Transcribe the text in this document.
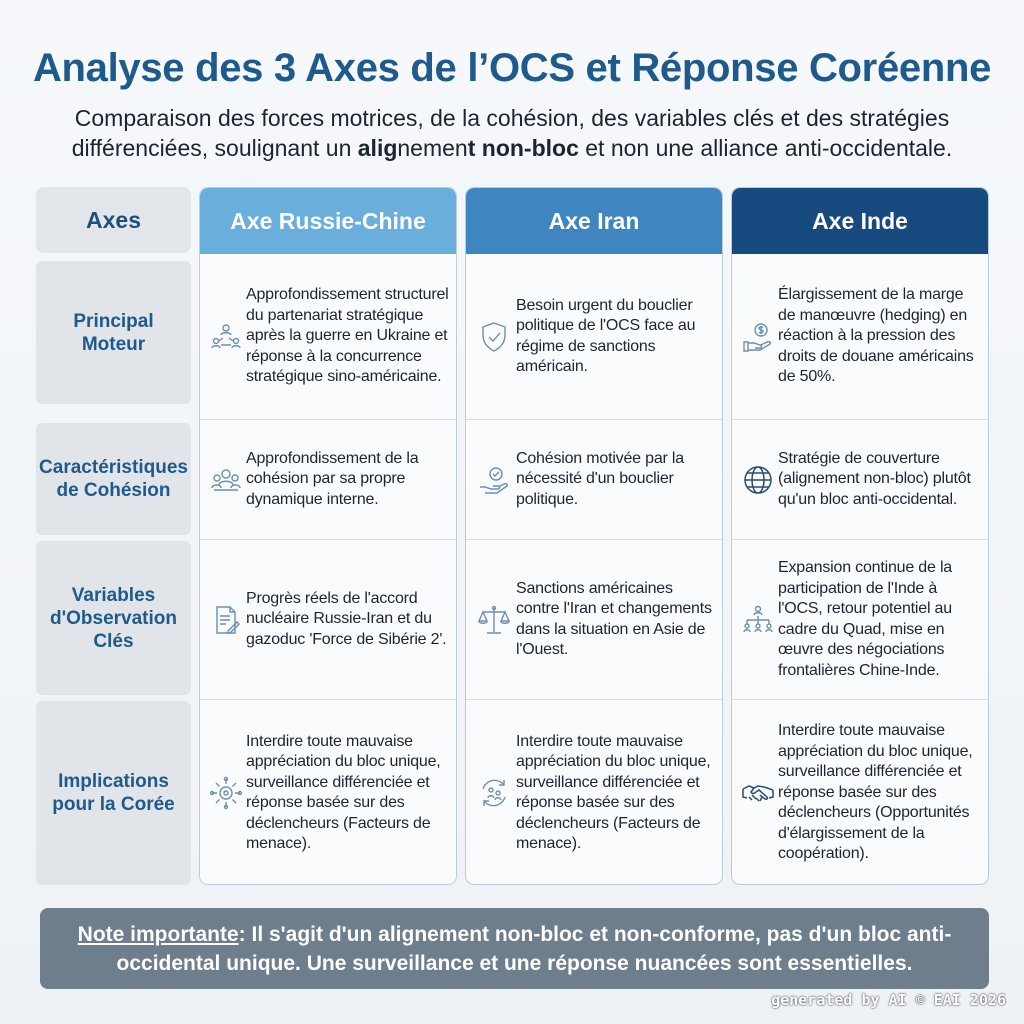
Analyse des 3 Axes de l’OCS et Réponse Coréenne
Comparaison des forces motrices, de la cohésion, des variables clés et des stratégies différenciées, soulignant un alignement non-bloc et non une alliance anti-occidentale.
Axes
Principal Moteur
Caractéristiques de Cohésion
Variables d'Observation Clés
Implications pour la Corée
Axe Russie-Chine
Approfondissement structurel du partenariat stratégique après la guerre en Ukraine et réponse à la concurrence stratégique sino-américaine.
Approfondissement de la cohésion par sa propre dynamique interne.
Progrès réels de l'accord nucléaire Russie-Iran et du gazoduc 'Force de Sibérie 2'.
Interdire toute mauvaise appréciation du bloc unique, surveillance différenciée et réponse basée sur des déclencheurs (Facteurs de menace).
Axe Iran
Besoin urgent du bouclier politique de l'OCS face au régime de sanctions américain.
Cohésion motivée par la nécessité d'un bouclier politique.
Sanctions américaines contre l'Iran et changements dans la situation en Asie de l'Ouest.
Interdire toute mauvaise appréciation du bloc unique, surveillance différenciée et réponse basée sur des déclencheurs (Facteurs de menace).
Axe Inde
Élargissement de la marge de manœuvre (hedging) en réaction à la pression des droits de douane américains de 50%.
Stratégie de couverture (alignement non-bloc) plutôt qu'un bloc anti-occidental.
Expansion continue de la participation de l'Inde à l'OCS, retour potentiel au cadre du Quad, mise en œuvre des négociations frontalières Chine-Inde.
Interdire toute mauvaise appréciation du bloc unique, surveillance différenciée et réponse basée sur des déclencheurs (Opportunités d'élargissement de la coopération).
Note importante: Il s'agit d'un alignement non-bloc et non-conforme, pas d'un bloc anti-occidental unique. Une surveillance et une réponse nuancées sont essentielles.
generated by AI © EAI 2026
